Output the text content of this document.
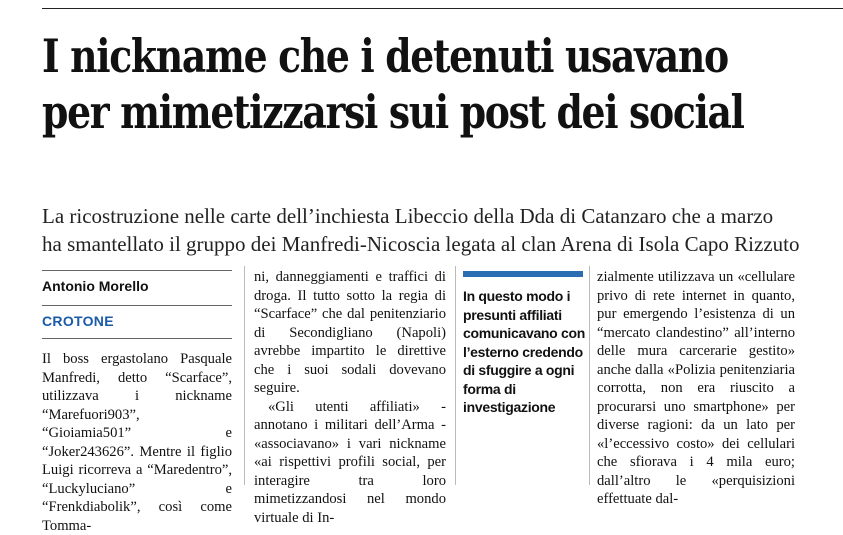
I nickname che i detenuti usavano
per mimetizzarsi sui post dei social

La ricostruzione nelle carte dell’inchiesta Libeccio della Dda di Catanzaro che a marzo
ha smantellato il gruppo dei Manfredi-Nicoscia legata al clan Arena di Isola Capo Rizzuto

Antonio Morello
CROTONE

Il boss ergastolano Pasquale Manfredi, detto “Scarface”, utilizzava i nickname “Marefuori903”, “Gioiamia501” e “Joker243626”. Mentre il figlio Luigi ricorreva a “Maredentro”, “Luckyluciano” e “Frenkdiabolik”, così come Tomma-

ni, danneggiamenti e traffici di droga. Il tutto sotto la regia di “Scarface” che dal penitenziario di Secondigliano (Napoli) avrebbe impartito le direttive che i suoi sodali dovevano seguire.

«Gli utenti affiliati» - annotano i militari dell’Arma - «associavano» i vari nickname «ai rispettivi profili social, per interagire tra loro mimetizzandosi nel mondo virtuale di In-

In questo modo i presunti affiliati comunicavano con l’esterno credendo di sfuggire a ogni forma di investigazione

zialmente utilizzava un «cellulare privo di rete internet in quanto, pur emergendo l’esistenza di un “mercato clandestino” all’interno delle mura carcerarie gestito» anche dalla «Polizia penitenziaria corrotta, non era riuscito a procurarsi uno smartphone» per diverse ragioni: da un lato per «l’eccessivo costo» dei cellulari che sfiorava i 4 mila euro; dall’altro le «perquisizioni effettuate dal-
